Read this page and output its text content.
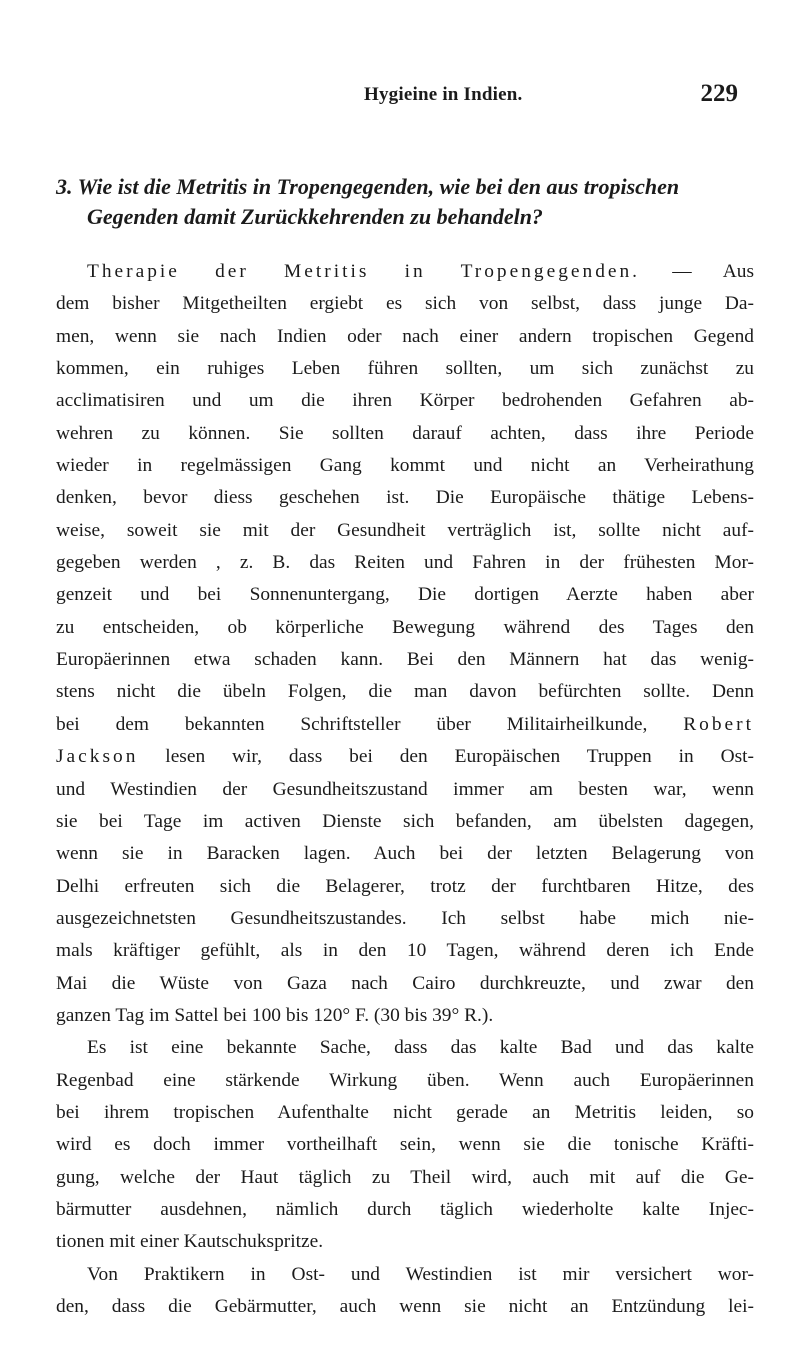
Hygieine in Indien.	229
3. Wie ist die Metritis in Tropengegenden, wie bei den aus tropischen
Gegenden damit Zurückkehrenden zu behandeln?
Therapie der Metritis in Tropengegenden. — Aus
dem bisher Mitgetheilten ergiebt es sich von selbst, dass junge Da-
men, wenn sie nach Indien oder nach einer andern tropischen Gegend
kommen, ein ruhiges Leben führen sollten, um sich zunächst zu
acclimatisiren und um die ihren Körper bedrohenden Gefahren ab-
wehren zu können. Sie sollten darauf achten, dass ihre Periode
wieder in regelmässigen Gang kommt und nicht an Verheirathung
denken, bevor diess geschehen ist. Die Europäische thätige Lebens-
weise, soweit sie mit der Gesundheit verträglich ist, sollte nicht auf-
gegeben werden , z. B. das Reiten und Fahren in der frühesten Mor-
genzeit und bei Sonnenuntergang, Die dortigen Aerzte haben aber
zu entscheiden, ob körperliche Bewegung während des Tages den
Europäerinnen etwa schaden kann. Bei den Männern hat das wenig-
stens nicht die übeln Folgen, die man davon befürchten sollte. Denn
bei dem bekannten Schriftsteller über Militairheilkunde, Robert
Jackson lesen wir, dass bei den Europäischen Truppen in Ost-
und Westindien der Gesundheitszustand immer am besten war, wenn
sie bei Tage im activen Dienste sich befanden, am übelsten dagegen,
wenn sie in Baracken lagen. Auch bei der letzten Belagerung von
Delhi erfreuten sich die Belagerer, trotz der furchtbaren Hitze, des
ausgezeichnetsten Gesundheitszustandes. Ich selbst habe mich nie-
mals kräftiger gefühlt, als in den 10 Tagen, während deren ich Ende
Mai die Wüste von Gaza nach Cairo durchkreuzte, und zwar den
ganzen Tag im Sattel bei 100 bis 120° F. (30 bis 39° R.).
Es ist eine bekannte Sache, dass das kalte Bad und das kalte
Regenbad eine stärkende Wirkung üben. Wenn auch Europäerinnen
bei ihrem tropischen Aufenthalte nicht gerade an Metritis leiden, so
wird es doch immer vortheilhaft sein, wenn sie die tonische Kräfti-
gung, welche der Haut täglich zu Theil wird, auch mit auf die Ge-
bärmutter ausdehnen, nämlich durch täglich wiederholte kalte Injec-
tionen mit einer Kautschukspritze.
Von Praktikern in Ost- und Westindien ist mir versichert wor-
den, dass die Gebärmutter, auch wenn sie nicht an Entzündung lei-
